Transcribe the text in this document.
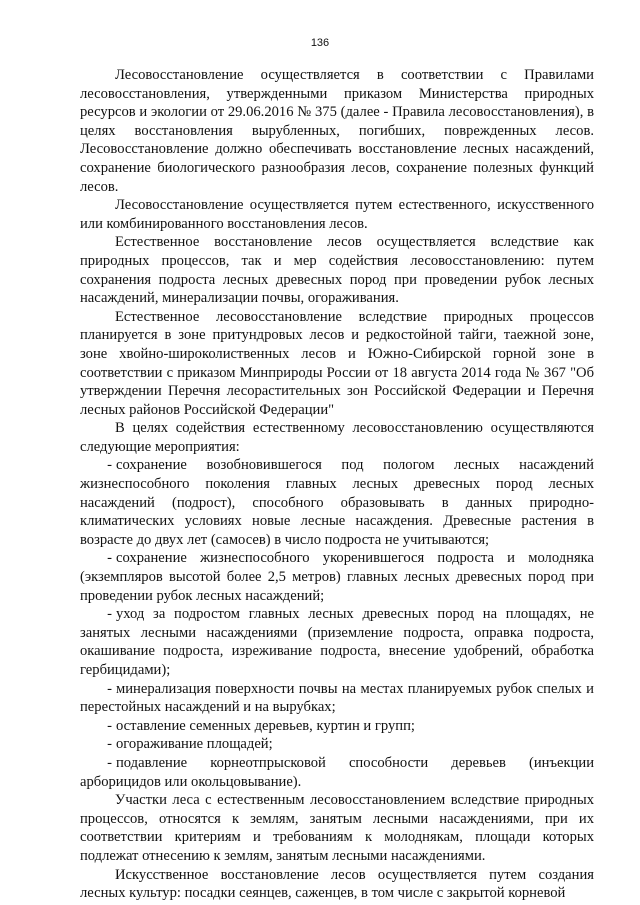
136

Лесовосстановление осуществляется в соответствии с Правилами лесовосстановления, утвержденными приказом Министерства природных ресурсов и экологии от 29.06.2016 № 375 (далее - Правила лесовосстановления), в целях восстановления вырубленных, погибших, поврежденных лесов. Лесовосстановление должно обеспечивать восстановление лесных насаждений, сохранение биологического разнообразия лесов, сохранение полезных функций лесов.

Лесовосстановление осуществляется путем естественного, искусственного или комбинированного восстановления лесов.

Естественное восстановление лесов осуществляется вследствие как природных процессов, так и мер содействия лесовосстановлению: путем сохранения подроста лесных древесных пород при проведении рубок лесных насаждений, минерализации почвы, огораживания.

Естественное лесовосстановление вследствие природных процессов планируется в зоне притундровых лесов и редкостойной тайги, таежной зоне, зоне хвойно-широколиственных лесов и Южно-Сибирской горной зоне в соответствии с приказом Минприроды России от 18 августа 2014 года № 367 "Об утверждении Перечня лесорастительных зон Российской Федерации и Перечня лесных районов Российской Федерации"

В целях содействия естественному лесовосстановлению осуществляются следующие мероприятия:

- сохранение возобновившегося под пологом лесных насаждений жизнеспособного поколения главных лесных древесных пород лесных насаждений (подрост), способного образовывать в данных природно-климатических условиях новые лесные насаждения. Древесные растения в возрасте до двух лет (самосев) в число подроста не учитываются;

- сохранение жизнеспособного укоренившегося подроста и молодняка (экземпляров высотой более 2,5 метров) главных лесных древесных пород при проведении рубок лесных насаждений;

- уход за подростом главных лесных древесных пород на площадях, не занятых лесными насаждениями (приземление подроста, оправка подроста, окашивание подроста, изреживание подроста, внесение удобрений, обработка гербицидами);

- минерализация поверхности почвы на местах планируемых рубок спелых и перестойных насаждений и на вырубках;

- оставление семенных деревьев, куртин и групп;

- огораживание площадей;

- подавление корнеотпрысковой способности деревьев (инъекции арборицидов или окольцовывание).

Участки леса с естественным лесовосстановлением вследствие природных процессов, относятся к землям, занятым лесными насаждениями, при их соответствии критериям и требованиям к молоднякам, площади которых подлежат отнесению к землям, занятым лесными насаждениями.

Искусственное восстановление лесов осуществляется путем создания лесных культур: посадки сеянцев, саженцев, в том числе с закрытой корневой
